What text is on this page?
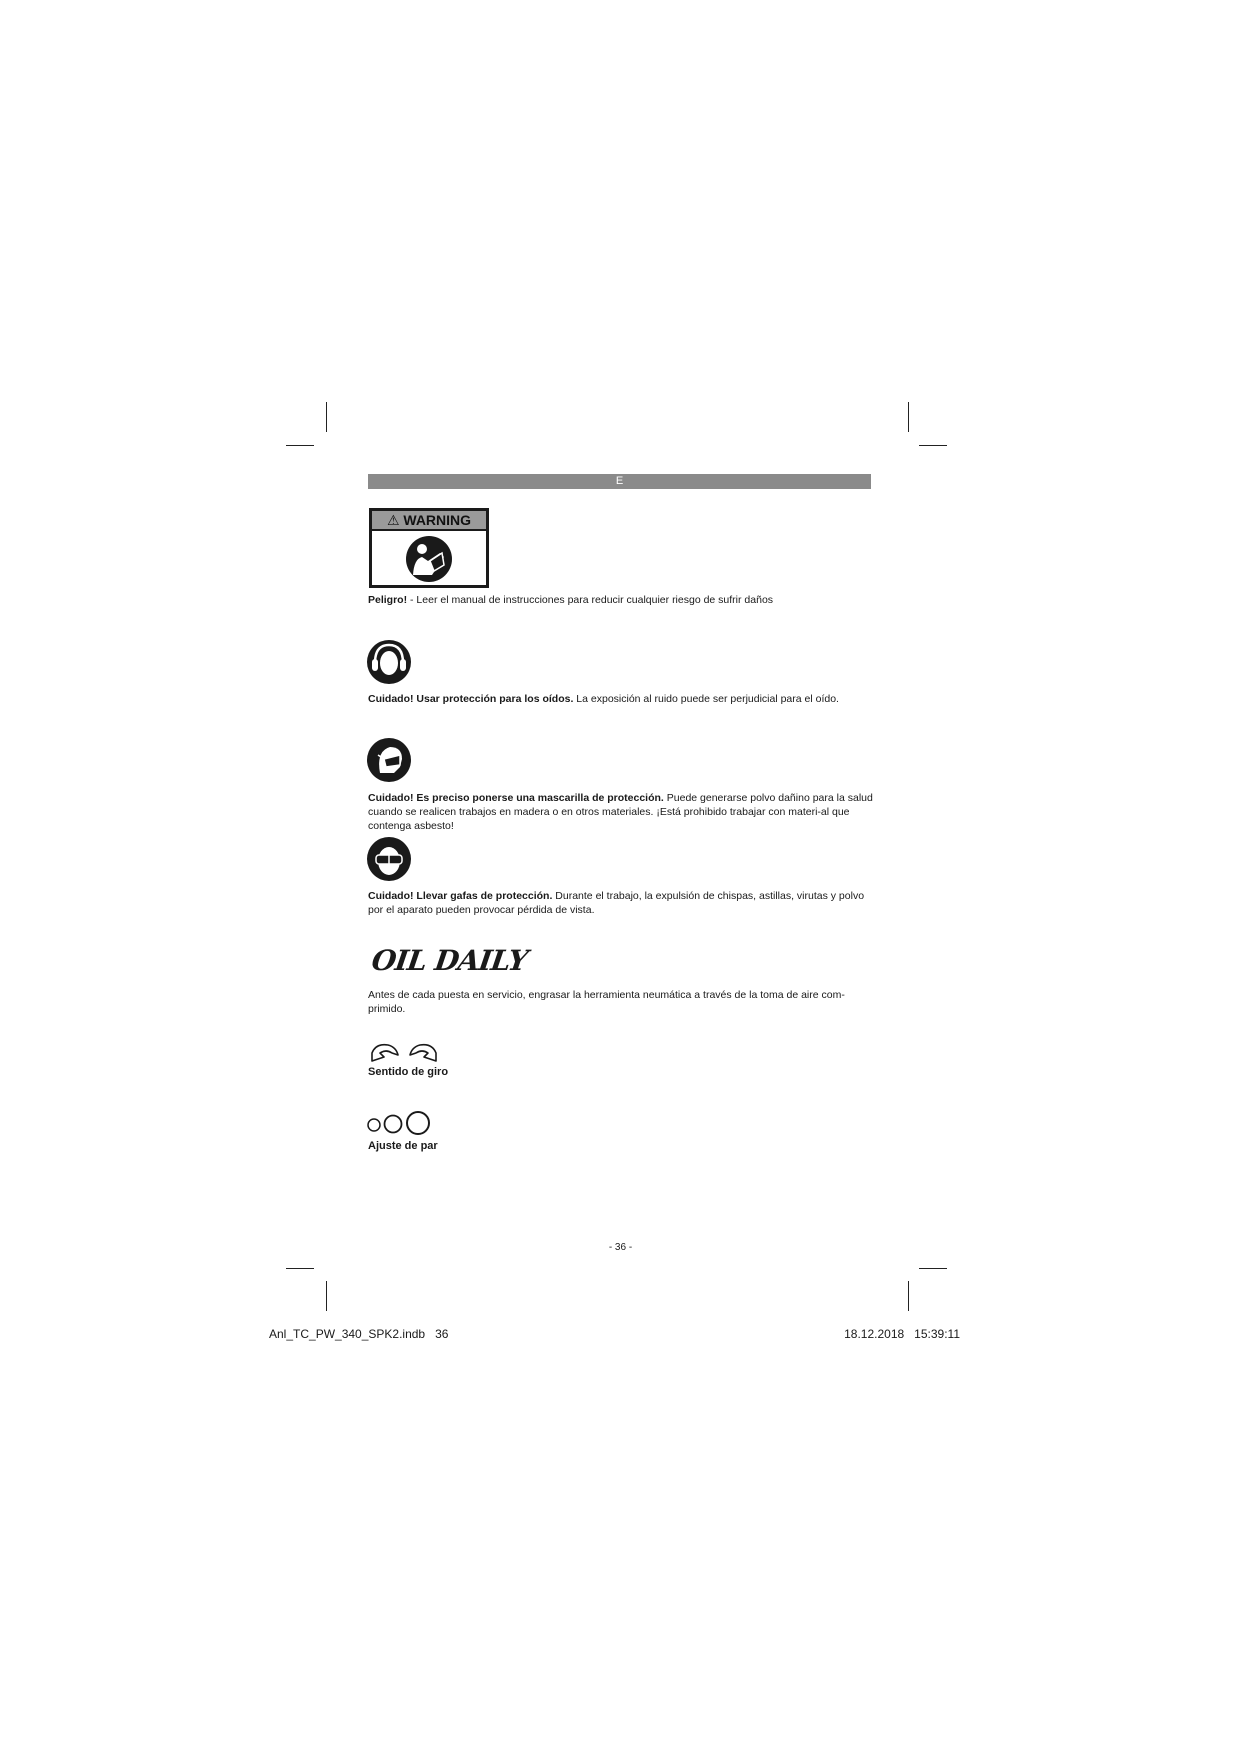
E
⚠ WARNING

Peligro! - Leer el manual de instrucciones para reducir cualquier riesgo de sufrir daños

Cuidado! Usar protección para los oídos. La exposición al ruido puede ser perjudicial para el oído.

Cuidado! Es preciso ponerse una mascarilla de protección. Puede generarse polvo dañino para la salud cuando se realicen trabajos en madera o en otros materiales. ¡Está prohibido trabajar con materi-al que contenga asbesto!

Cuidado! Llevar gafas de protección. Durante el trabajo, la expulsión de chispas, astillas, virutas y polvo por el aparato pueden provocar pérdida de vista.

OIL DAILY

Antes de cada puesta en servicio, engrasar la herramienta neumática a través de la toma de aire com-primido.

Sentido de giro

Ajuste de par

- 36 -
Anl_TC_PW_340_SPK2.indb   36	18.12.2018   15:39:11
